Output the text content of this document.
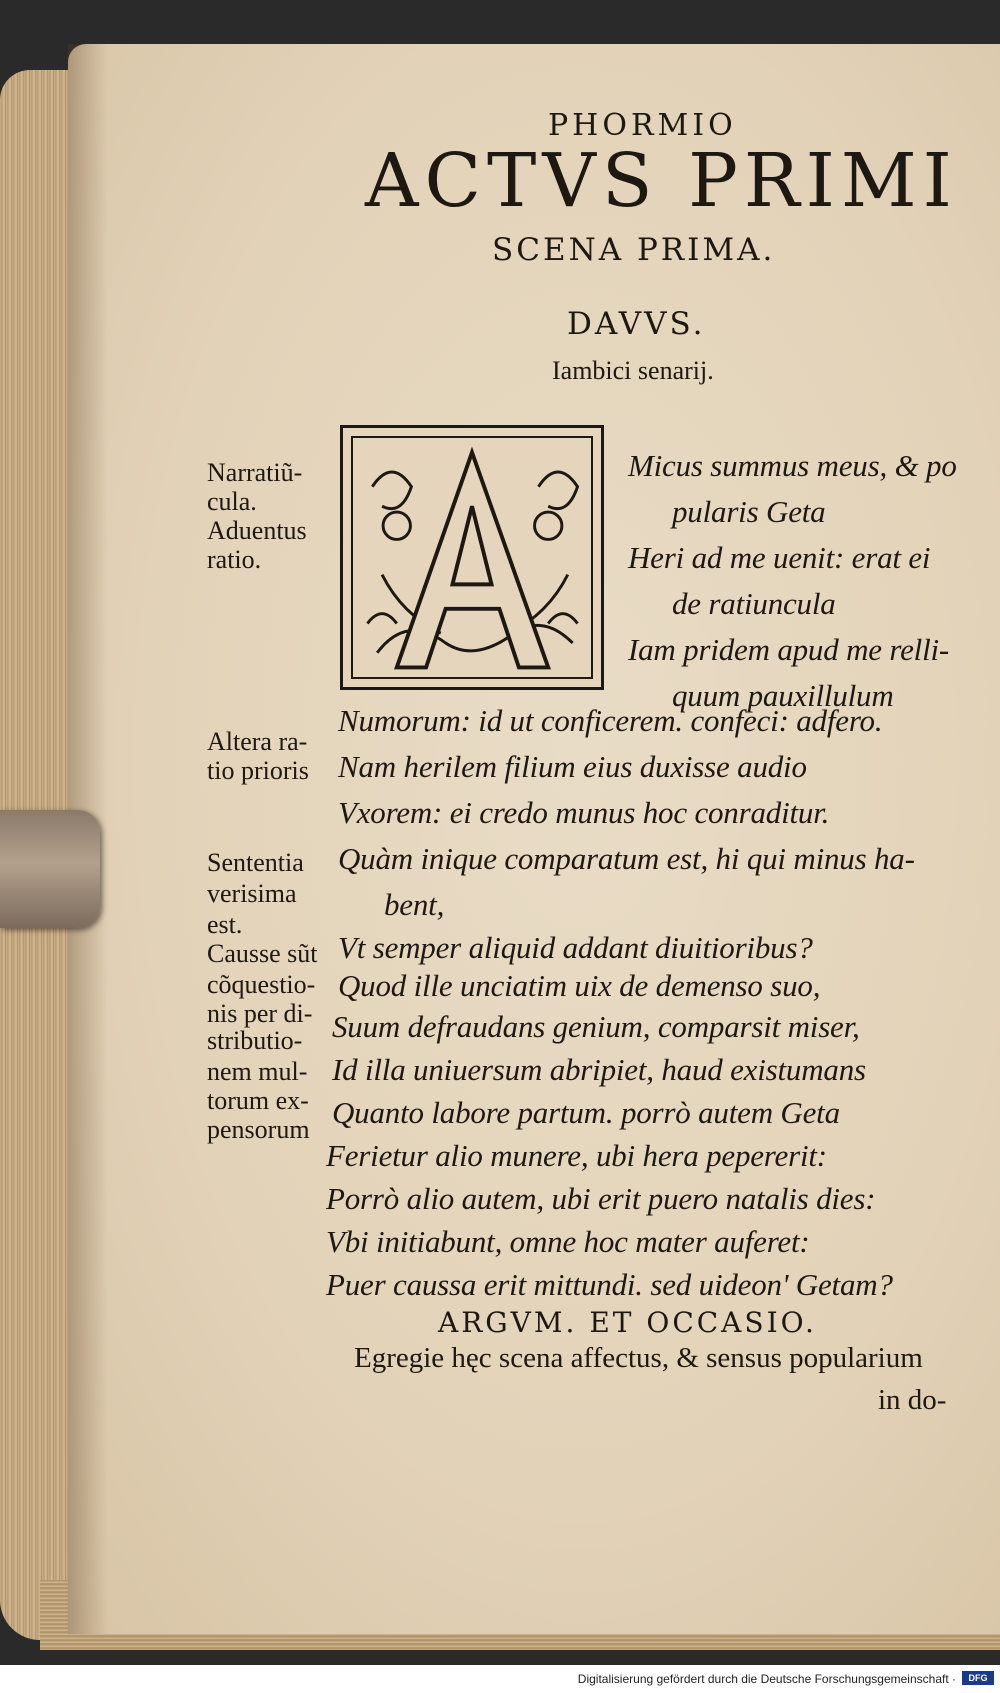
PHORMIO
ACTVS PRIMI
SCENA PRIMA.
DAVVS.
Iambici senarij.
Narratiũ-
cula.
Aduentus
ratio.
Altera ra-
tio prioris
Sententia
verisima
est.
Causse sũt
cõquestio-
nis per di-
stributio-
nem mul-
torum ex-
pensorum
Micus summus meus, & po
pularis Geta
Heri ad me uenit: erat ei
de ratiuncula
Iam pridem apud me relli-
quum pauxillulum
Numorum: id ut conficerem. confeci: adfero.
Nam herilem filium eius duxisse audio
Vxorem: ei credo munus hoc conraditur.
Quàm inique comparatum est, hi qui minus ha-
bent,
Vt semper aliquid addant diuitioribus?
Quod ille unciatim uix de demenso suo,
Suum defraudans genium, comparsit miser,
Id illa uniuersum abripiet, haud existumans
Quanto labore partum. porrò autem Geta
Ferietur alio munere, ubi hera pepererit:
Porrò alio autem, ubi erit puero natalis dies:
Vbi initiabunt, omne hoc mater auferet:
Puer caussa erit mittundi. sed uideon' Getam?
ARGVM. ET OCCASIO.
Egregie hęc scena affectus, & sensus popularium
in do-
Digitalisierung gefördert durch die Deutsche Forschungsgemeinschaft ·	DFG
